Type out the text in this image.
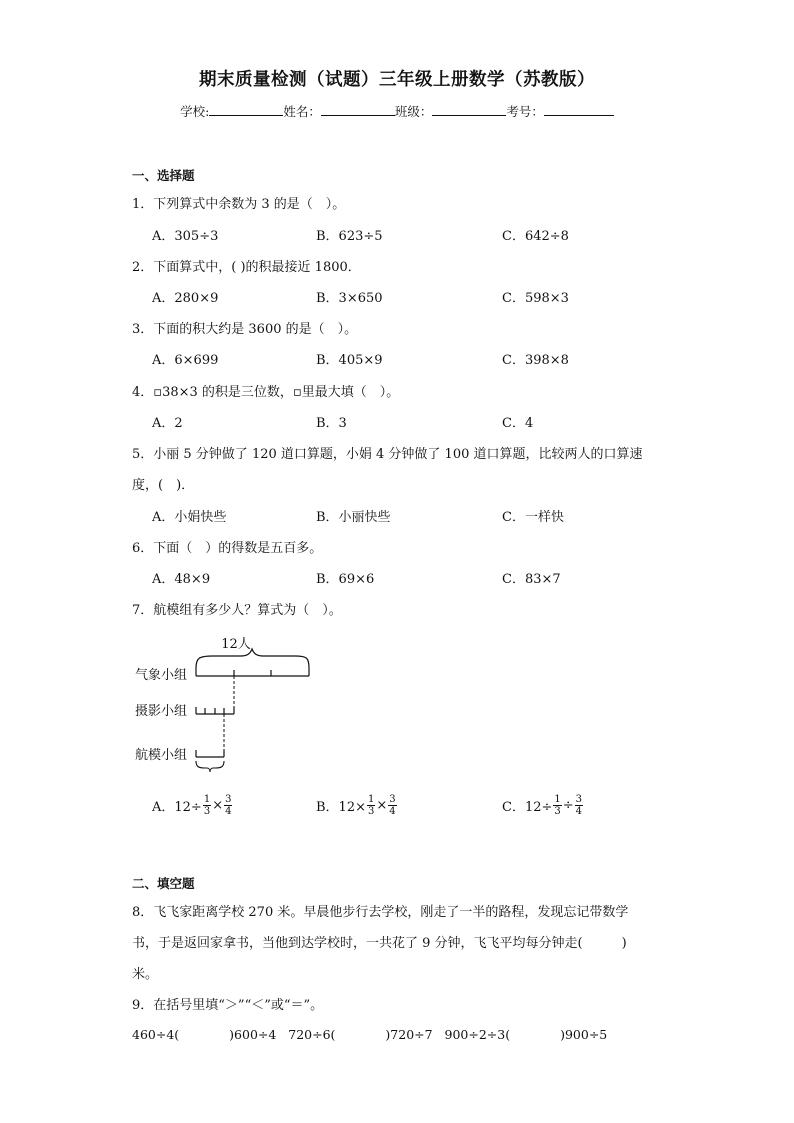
期末质量检测（试题）三年级上册数学（苏教版）
学校:	姓名：	班级：	考号：
一、选择题
1．下列算式中余数为 3 的是（　）。
A．305÷3	B．623÷5	C．642÷8
2．下面算式中，( )的积最接近 1800．
A．280×9	B．3×650	C．598×3
3．下面的积大约是 3600 的是（　）。
A．6×699	B．405×9	C．398×8
4．▫38×3 的积是三位数，▫里最大填（　）。
A．2	B．3	C．4
5．小丽 5 分钟做了 120 道口算题，小娟 4 分钟做了 100 道口算题，比较两人的口算速
度，(　)．
A．小娟快些	B．小丽快些	C．一样快
6．下面（　）的得数是五百多。
A．48×9	B．69×6	C．83×7
7．航模组有多少人？算式为（　）。
12人
气象小组
摄影小组
航模小组
A．$12\div \frac{1}{3} \times \frac{3}{4}$	B．$12\times \frac{1}{3} \times \frac{3}{4}$	C．$12\div \frac{1}{3} \div \frac{3}{4}$
二、填空题
8．飞飞家距离学校 270 米。早晨他步行去学校，刚走了一半的路程，发现忘记带数学
书，于是返回家拿书，当他到达学校时，一共花了 9 分钟，飞飞平均每分钟走(　　　)
米。
9．在括号里填“＞”“＜”或“＝”。
460÷4(　　　　)600÷4 720÷6(　　　　)720÷7 900÷2÷3(　　　　)900÷5
